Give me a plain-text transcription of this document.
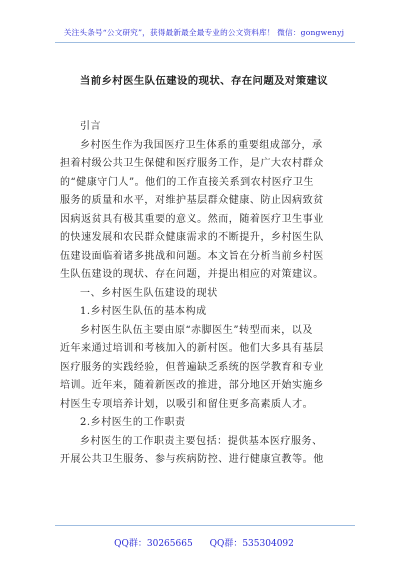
关注头条号“公文研究”，获得最新最全最专业的公文资料库！ 微信：gongwenyj
当前乡村医生队伍建设的现状、存在问题及对策建议
引言
乡村医生作为我国医疗卫生体系的重要组成部分，承
担着村级公共卫生保健和医疗服务工作，是广大农村群众
的“健康守门人”。他们的工作直接关系到农村医疗卫生
服务的质量和水平，对维护基层群众健康、防止因病致贫
因病返贫具有极其重要的意义。然而，随着医疗卫生事业
的快速发展和农民群众健康需求的不断提升，乡村医生队
伍建设面临着诸多挑战和问题。本文旨在分析当前乡村医
生队伍建设的现状、存在问题，并提出相应的对策建议。
一、乡村医生队伍建设的现状
1.乡村医生队伍的基本构成
乡村医生队伍主要由原“赤脚医生”转型而来，以及
近年来通过培训和考核加入的新村医。他们大多具有基层
医疗服务的实践经验，但普遍缺乏系统的医学教育和专业
培训。近年来，随着新医改的推进，部分地区开始实施乡
村医生专项培养计划，以吸引和留住更多高素质人才。
2.乡村医生的工作职责
乡村医生的工作职责主要包括：提供基本医疗服务、
开展公共卫生服务、参与疾病防控、进行健康宣教等。他
QQ群：30265665 QQ群：535304092
